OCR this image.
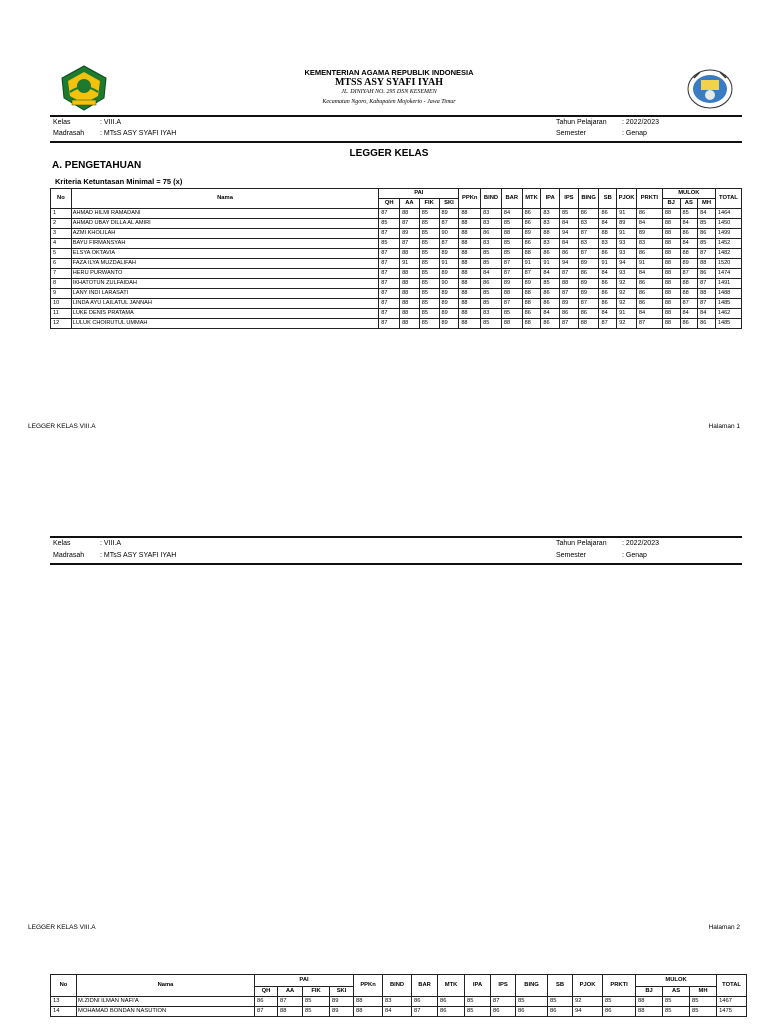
KEMENTERIAN AGAMA REPUBLIK INDONESIA
MTSS ASY SYAFI IYAH
JL. DINIYAH NO. 295 DSN KESEMEN
Kecamatan Ngoro, Kabupaten Mojokerto - Jawa Timur
Kelas	: VIII.A
Madrasah : MTsS ASY SYAFI IYAH
Tahun Pelajaran : 2022/2023
Semester	: Genap
LEGGER KELAS
A. PENGETAHUAN
Kriteria Ketuntasan Minimal = 75 (x)
No	Nama	PAI				PPKn	BIND	BAR	MTK	IPA	IPS	BING	SB	PJOK	PRKTI	MULOK			TOTAL
		QH	AA	FIK	SKI											BJ	AS	MH	
1	AHMAD HILMI RAMADANI	87	88	85	89	88	83	84	86	83	85	86	86	91	86	88	85	84	1464
2	AHMAD UBAY DILLA AL AMIRI	85	87	85	87	88	83	85	86	83	84	83	84	89	84	88	84	85	1450
3	AZMI KHOLILAH	87	89	85	90	88	86	88	89	88	94	87	88	91	89	88	86	86	1499
4	BAYU FIRMANSYAH	85	87	85	87	88	83	85	86	83	84	83	83	93	83	88	84	85	1452
5	ELSYA OKTAVIA	87	88	85	89	88	85	85	88	86	86	87	86	93	86	88	88	87	1482
6	FAZA ILYA MUZDALIFAH	87	91	85	91	88	85	87	91	91	94	89	91	94	91	88	89	88	1520
7	HERU PURWANTO	87	88	85	89	88	84	87	87	84	87	86	84	93	84	88	87	86	1474
8	IKHATOTUN ZULFAIDAH	87	88	85	90	88	86	89	89	85	88	89	86	92	86	88	88	87	1491
9	LANY INDI LARASATI	87	88	85	89	88	85	88	88	86	87	89	86	92	86	88	88	88	1488
10	LINDA AYU LAILATUL JANNAH	87	88	85	89	88	85	87	88	86	89	87	86	92	86	88	87	87	1485
11	LUKE DENIS PRATAMA	87	88	85	89	88	83	85	86	84	86	86	84	91	84	88	84	84	1462
12	LULUK CHOIRUTUL UMMAH	87	88	85	89	88	85	88	88	86	87	88	87	92	87	88	86	86	1485
LEGGER KELAS VIII.A	Halaman 1
Kelas	: VIII.A
Madrasah : MTsS ASY SYAFI IYAH
Tahun Pelajaran : 2022/2023
Semester	: Genap
LEGGER KELAS VIII.A	Halaman 2
No	Nama	PAI				PPKn	BIND	BAR	MTK	IPA	IPS	BING	SB	PJOK	PRKTI	MULOK			TOTAL
		QH	AA	FIK	SKI											BJ	AS	MH	
13	M.ZIDNI ILMAN NAFI'A	86	87	85	89	88	83	86	86	85	87	85	85	92	85	88	85	85	1467
14	MOHAMAD BONDAN NASUTION	87	88	85	89	88	84	87	86	85	86	86	86	94	86	88	85	85	1475
